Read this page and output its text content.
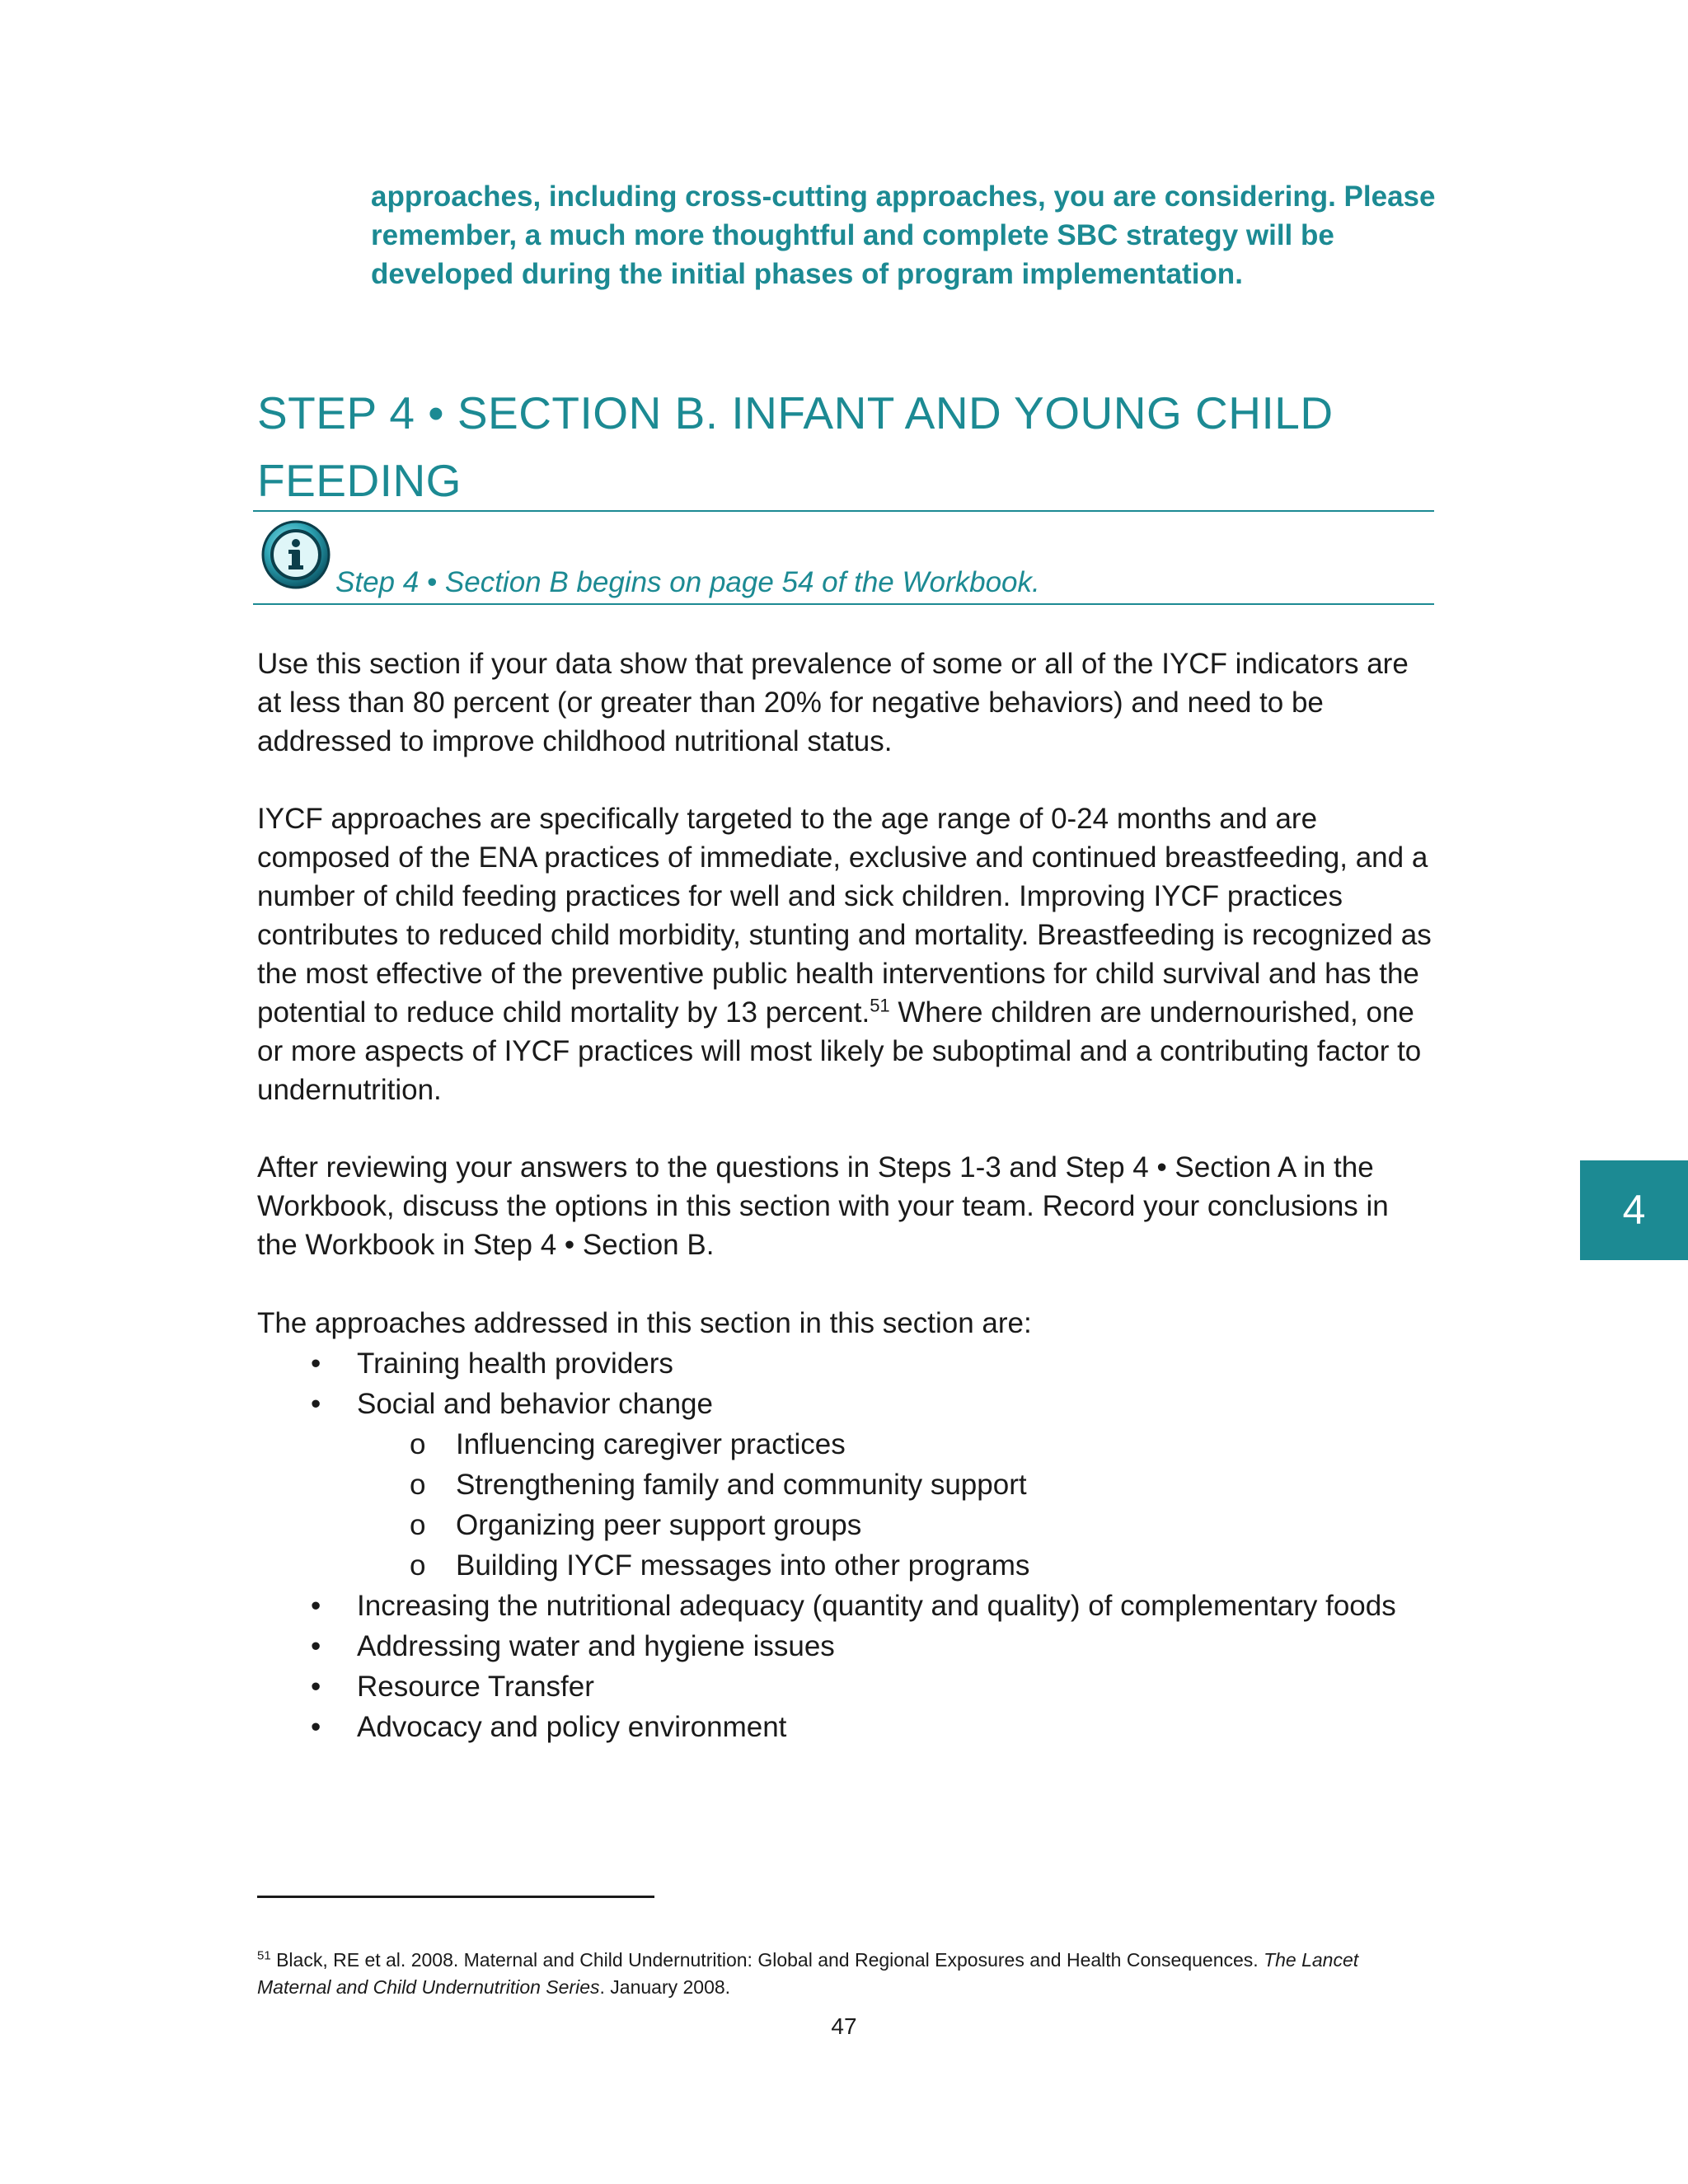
approaches, including cross-cutting approaches, you are considering. Please remember, a much more thoughtful and complete SBC strategy will be developed during the initial phases of program implementation.

STEP 4 • SECTION B. INFANT AND YOUNG CHILD FEEDING
Step 4 • Section B begins on page 54 of the Workbook.

Use this section if your data show that prevalence of some or all of the IYCF indicators are at less than 80 percent (or greater than 20% for negative behaviors) and need to be addressed to improve childhood nutritional status.

IYCF approaches are specifically targeted to the age range of 0-24 months and are composed of the ENA practices of immediate, exclusive and continued breastfeeding, and a number of child feeding practices for well and sick children. Improving IYCF practices contributes to reduced child morbidity, stunting and mortality. Breastfeeding is recognized as the most effective of the preventive public health interventions for child survival and has the potential to reduce child mortality by 13 percent.$^{51}$ Where children are undernourished, one or more aspects of IYCF practices will most likely be suboptimal and a contributing factor to undernutrition.

After reviewing your answers to the questions in Steps 1-3 and Step 4 • Section A in the Workbook, discuss the options in this section with your team. Record your conclusions in the Workbook in Step 4 • Section B.

The approaches addressed in this section in this section are:

• Training health providers
• Social and behavior change
o Influencing caregiver practices
o Strengthening family and community support
o Organizing peer support groups
o Building IYCF messages into other programs
• Increasing the nutritional adequacy (quantity and quality) of complementary foods
• Addressing water and hygiene issues
• Resource Transfer
• Advocacy and policy environment

$^{51}$ Black, RE et al. 2008. Maternal and Child Undernutrition: Global and Regional Exposures and Health Consequences. The Lancet Maternal and Child Undernutrition Series. January 2008.

47
4
